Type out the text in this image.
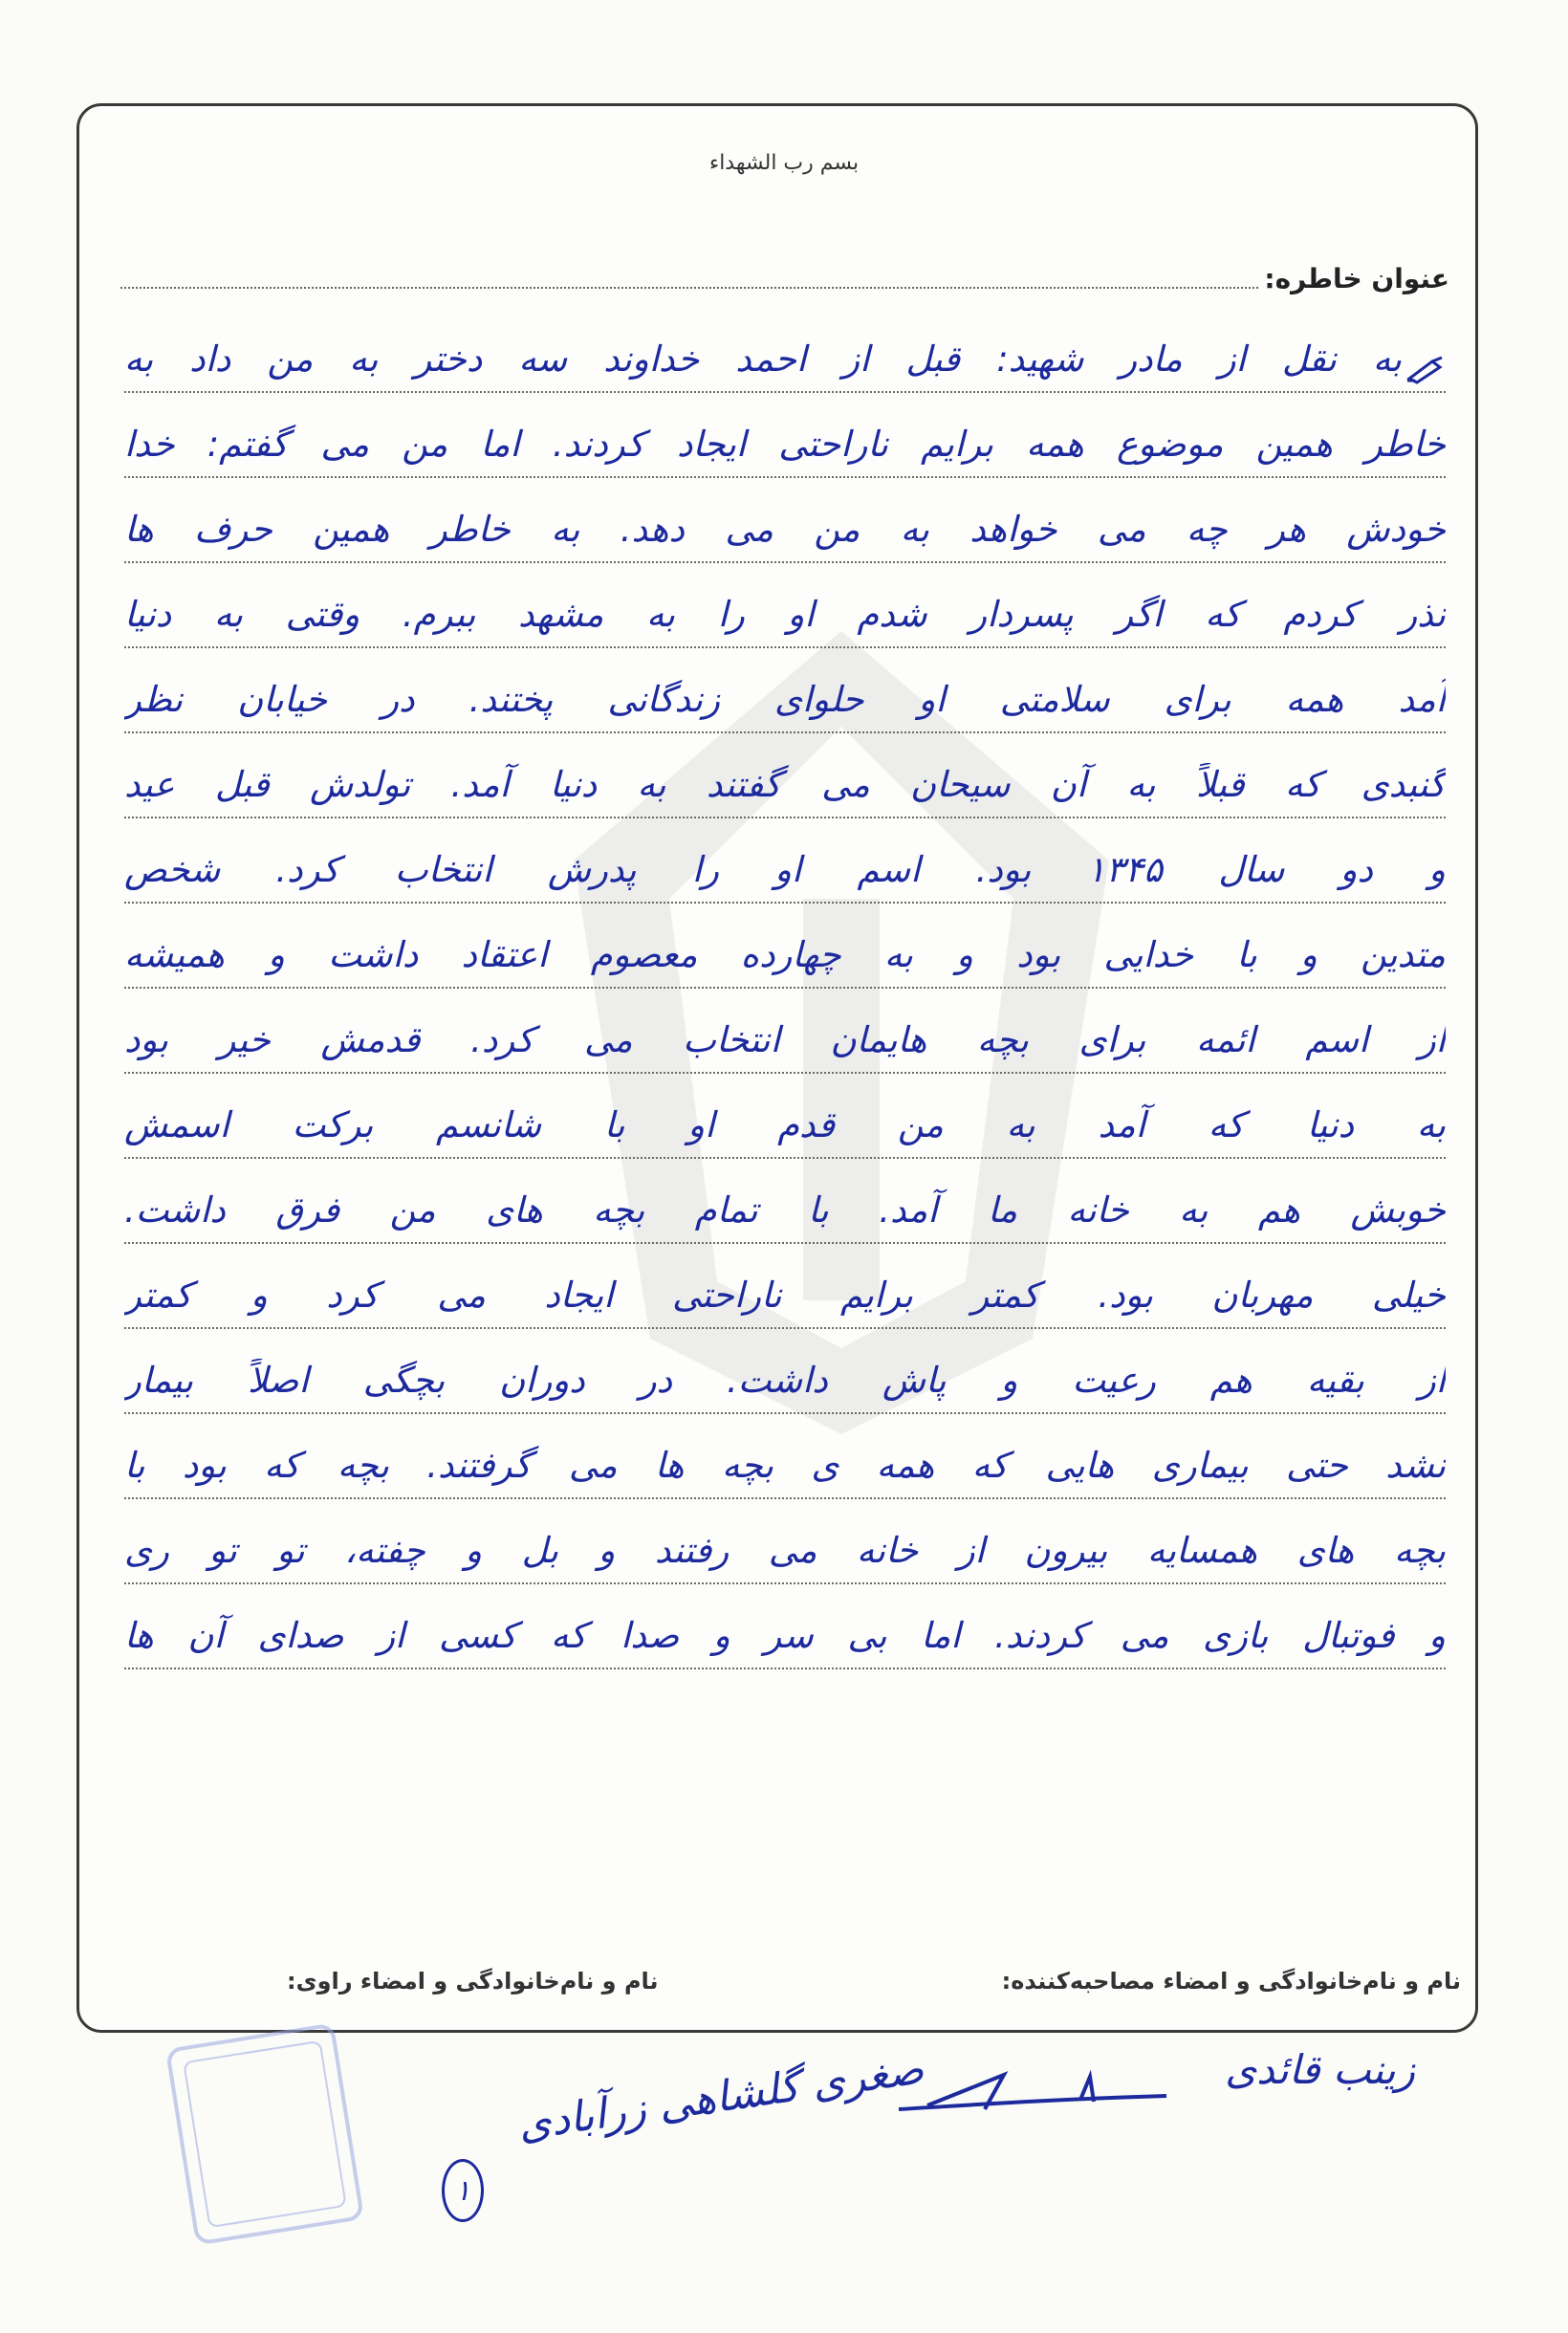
بسم رب الشهداء
عنوان خاطره:
به نقل از مادر شهید: قبل از احمد خداوند سه دختر به من داد به
خاطر همین موضوع همه برایم ناراحتی ایجاد کردند. اما من می گفتم: خدا
خودش هر چه می خواهد به من می دهد. به خاطر همین حرف ها
نذر کردم که اگر پسردار شدم او را به مشهد ببرم. وقتی به دنیا
آمد همه برای سلامتی او حلوای زندگانی پختند. در خیابان نظر
گنبدی که قبلاً به آن سیحان می گفتند به دنیا آمد. تولدش قبل عید
و دو سال ۱۳۴۵ بود. اسم او را پدرش انتخاب کرد. شخص
متدین و با خدایی بود و به چهارده معصوم اعتقاد داشت و همیشه
از اسم ائمه برای بچه هایمان انتخاب می کرد. قدمش خیر بود
به دنیا که آمد به من قدم او با شانسم برکت اسمش
خوبش هم به خانه ما آمد. با تمام بچه های من فرق داشت.
خیلی مهربان بود. کمتر برایم ناراحتی ایجاد می کرد و کمتر
از بقیه هم رعیت و پاش داشت. در دوران بچگی اصلاً بیمار
نشد حتی بیماری هایی که همه ی بچه ها می گرفتند. بچه که بود با
بچه های همسایه بیرون از خانه می رفتند و بل و چفته، تو تو ری
و فوتبال بازی می کردند. اما بی سر و صدا که کسی از صدای آن ها
نام و نام‌خانوادگی و امضاء مصاحبه‌کننده:
نام و نام‌خانوادگی و امضاء راوی:
زینب قائدی
صغری گلشاهی زرآبادی
۱
